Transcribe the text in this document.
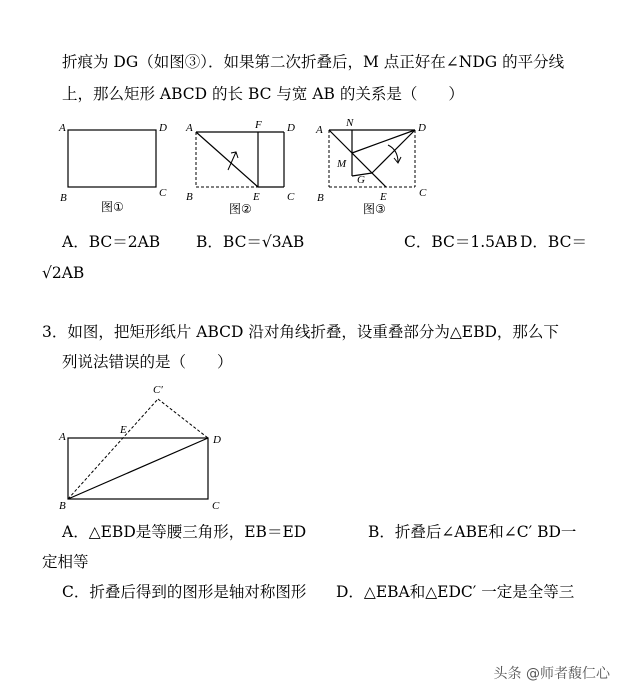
折痕为 DG（如图③）．如果第二次折叠后，M 点正好在∠NDG 的平分线
上，那么矩形 ABCD 的长 BC 与宽 AB 的关系是（　　）
A	D
B	C
图①
A	F D
B	E C
图②
A
N	D
M
G
B	E	C
图③
C′
A
E
D
B	C
A．BC＝2AB B．BC＝√3AB	C．BC＝1.5AB D．BC＝
√2AB
3．如图，把矩形纸片 ABCD 沿对角线折叠，设重叠部分为△EBD，那么下
列说法错误的是（　　）
A．△EBD是等腰三角形，EB＝ED	B．折叠后∠ABE和∠C′ BD一
定相等
C．折叠后得到的图形是轴对称图形 D．△EBA和△EDC′ 一定是全等三
头条 @师者馥仁心
